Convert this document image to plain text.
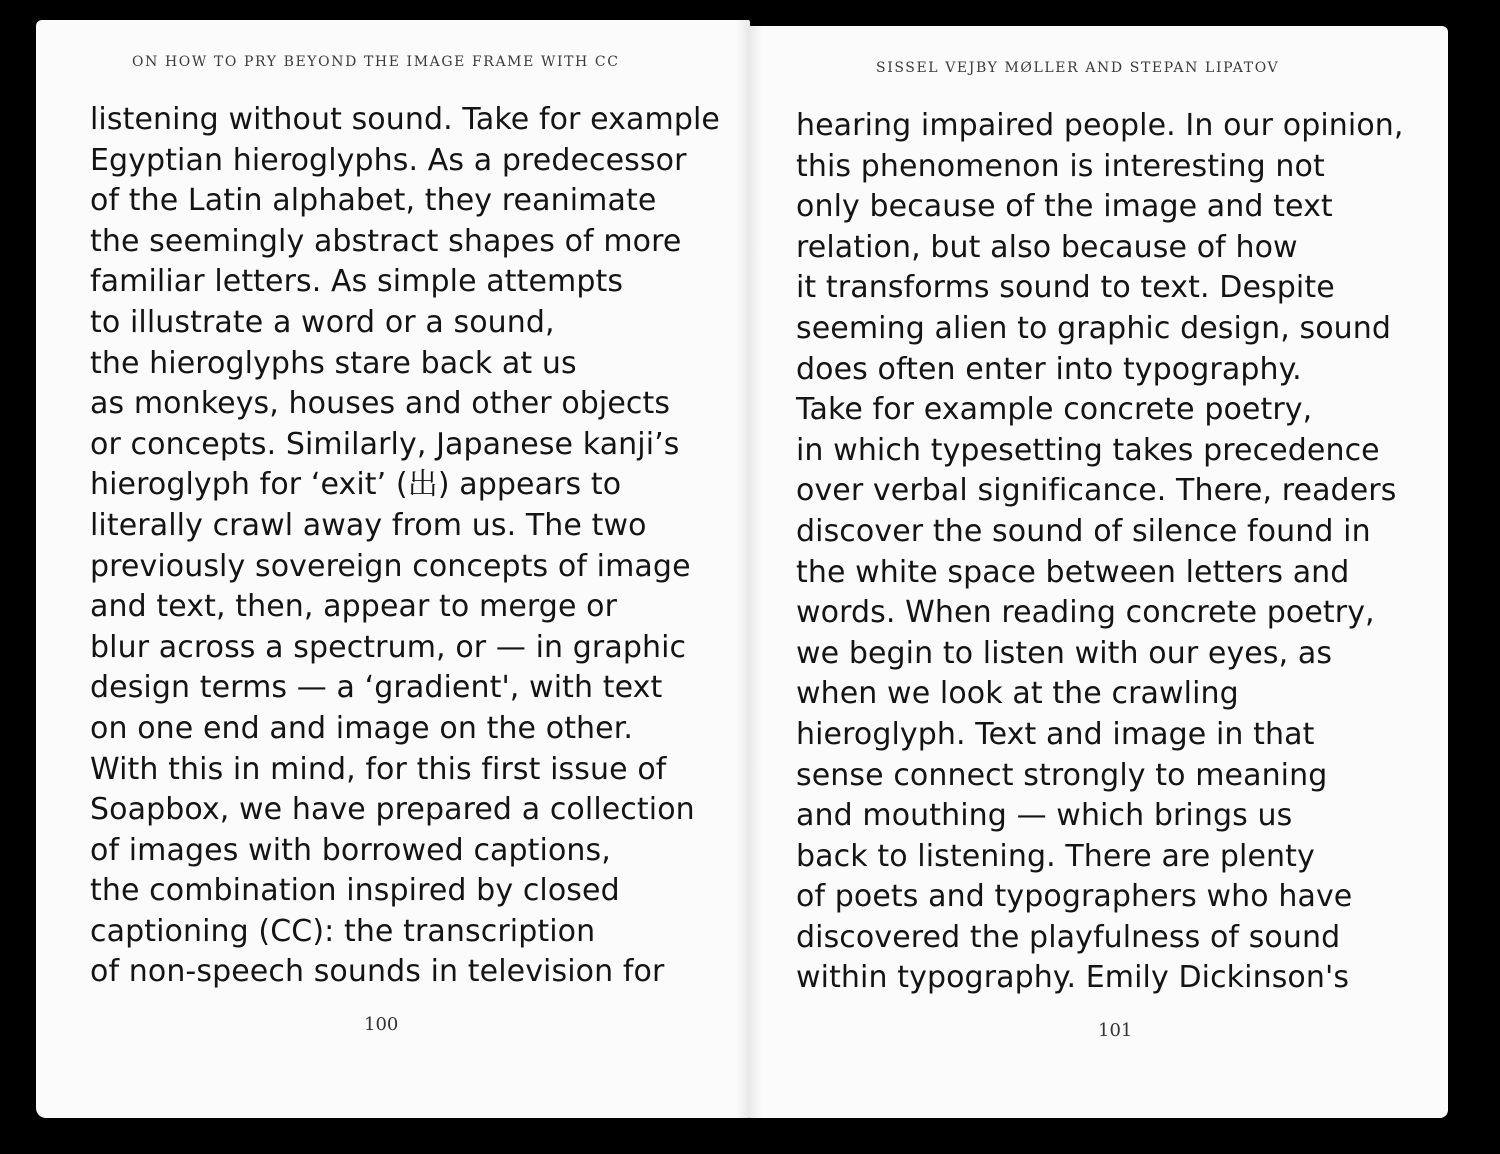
ON HOW TO PRY BEYOND THE IMAGE FRAME WITH CC
listening without sound. Take for example
Egyptian hieroglyphs. As a predecessor
of the Latin alphabet, they reanimate
the seemingly abstract shapes of more
familiar letters. As simple attempts
to illustrate a word or a sound,
the hieroglyphs stare back at us
as monkeys, houses and other objects
or concepts. Similarly, Japanese kanji’s
hieroglyph for ‘exit’ (出) appears to
literally crawl away from us. The two
previously sovereign concepts of image
and text, then, appear to merge or
blur across a spectrum, or — in graphic
design terms — a ‘gradient', with text
on one end and image on the other.
With this in mind, for this first issue of
Soapbox, we have prepared a collection
of images with borrowed captions,
the combination inspired by closed
captioning (CC): the transcription
of non-speech sounds in television for
100
SISSEL VEJBY MØLLER AND STEPAN LIPATOV
hearing impaired people. In our opinion,
this phenomenon is interesting not
only because of the image and text
relation, but also because of how
it transforms sound to text. Despite
seeming alien to graphic design, sound
does often enter into typography.
Take for example concrete poetry,
in which typesetting takes precedence
over verbal significance. There, readers
discover the sound of silence found in
the white space between letters and
words. When reading concrete poetry,
we begin to listen with our eyes, as
when we look at the crawling
hieroglyph. Text and image in that
sense connect strongly to meaning
and mouthing — which brings us
back to listening. There are plenty
of poets and typographers who have
discovered the playfulness of sound
within typography. Emily Dickinson's
101
